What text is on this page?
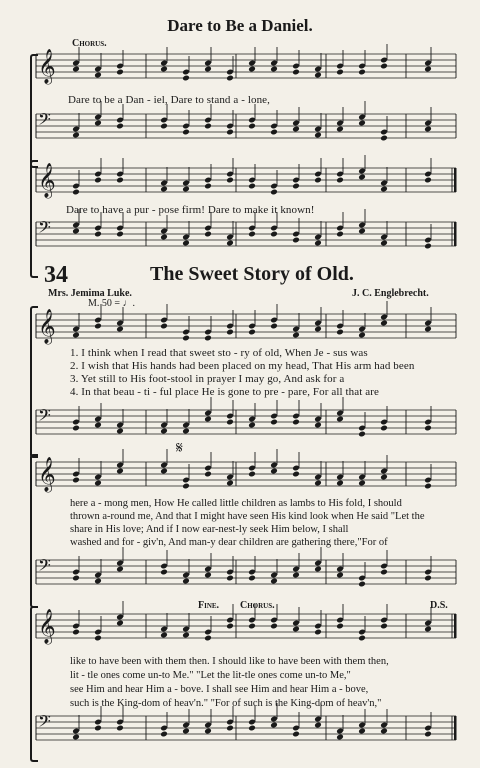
Dare to Be a Daniel.
Chorus.
𝄞
Dare to be a Dan - iel, Dare to stand a - lone,
𝄢
𝄞
Dare to have a pur - pose firm! Dare to make it known!
𝄢
34	The Sweet Story of Old.
Mrs. Jemima Luke.	J. C. Englebrecht.
M. 50 = ♩.
𝄞
1. I think when I read that sweet sto - ry of old, When Je - sus was
2. I wish that His hands had been placed on my head, That His arm had been
3. Yet still to His foot-stool in prayer I may go, And ask for a
4. In that beau - ti - ful place He is gone to pre - pare, For all that are
𝄢
𝄋
𝄞
here a - mong men, How He called little children as lambs to His fold, I should
thrown a-round me, And that I might have seen His kind look when He said "Let the
share in His love; And if I now ear-nest-ly seek Him below, I shall
washed and for - giv'n, And man-y dear children are gathering there,"For of
𝄢
Fine. Chorus.	D.S.
𝄞
like to have been with them then. I should like to have been with them then,
lit - tle ones come un-to Me." "Let the lit-tle ones come un-to Me,"
see Him and hear Him a - bove. I shall see Him and hear Him a - bove,
such is the King-dom of heav'n." "For of such is the King-dom of heav'n,"
𝄢
